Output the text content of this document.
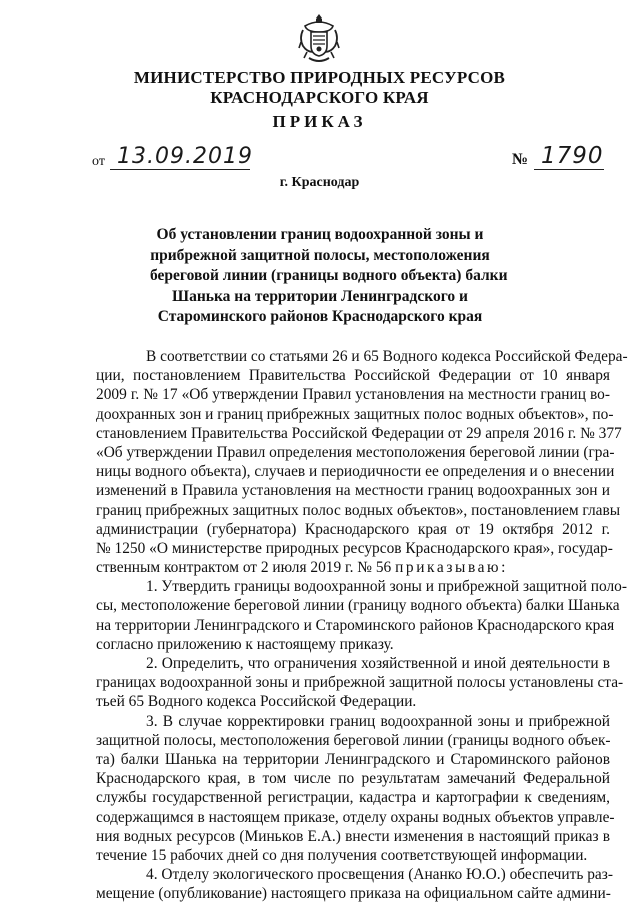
МИНИСТЕРСТВО ПРИРОДНЫХ РЕСУРСОВ
КРАСНОДАРСКОГО КРАЯ
ПРИКАЗ
от 13.09.2019	№ 1790
г. Краснодар
Об установлении границ водоохранной зоны и
прибрежной защитной полосы, местоположения
береговой линии (границы водного объекта) балки
Шанька на территории Ленинградского и
Староминского районов Краснодарского края
В соответствии со статьями 26 и 65 Водного кодекса Российской Федера-
ции, постановлением Правительства Российской Федерации от 10 января
2009 г. № 17 «Об утверждении Правил установления на местности границ во-
доохранных зон и границ прибрежных защитных полос водных объектов», по-
становлением Правительства Российской Федерации от 29 апреля 2016 г. № 377
«Об утверждении Правил определения местоположения береговой линии (гра-
ницы водного объекта), случаев и периодичности ее определения и о внесении
изменений в Правила установления на местности границ водоохранных зон и
границ прибрежных защитных полос водных объектов», постановлением главы
администрации (губернатора) Краснодарского края от 19 октября 2012 г.
№ 1250 «О министерстве природных ресурсов Краснодарского края», государ-
ственным контрактом от 2 июля 2019 г. № 56 приказываю:
1. Утвердить границы водоохранной зоны и прибрежной защитной поло-
сы, местоположение береговой линии (границу водного объекта) балки Шанька
на территории Ленинградского и Староминского районов Краснодарского края
согласно приложению к настоящему приказу.
2. Определить, что ограничения хозяйственной и иной деятельности в
границах водоохранной зоны и прибрежной защитной полосы установлены ста-
тьей 65 Водного кодекса Российской Федерации.
3. В случае корректировки границ водоохранной зоны и прибрежной
защитной полосы, местоположения береговой линии (границы водного объек-
та) балки Шанька на территории Ленинградского и Староминского районов
Краснодарского края, в том числе по результатам замечаний Федеральной
службы государственной регистрации, кадастра и картографии к сведениям,
содержащимся в настоящем приказе, отделу охраны водных объектов управле-
ния водных ресурсов (Миньков Е.А.) внести изменения в настоящий приказ в
течение 15 рабочих дней со дня получения соответствующей информации.
4. Отделу экологического просвещения (Ананко Ю.О.) обеспечить раз-
мещение (опубликование) настоящего приказа на официальном сайте админи-
